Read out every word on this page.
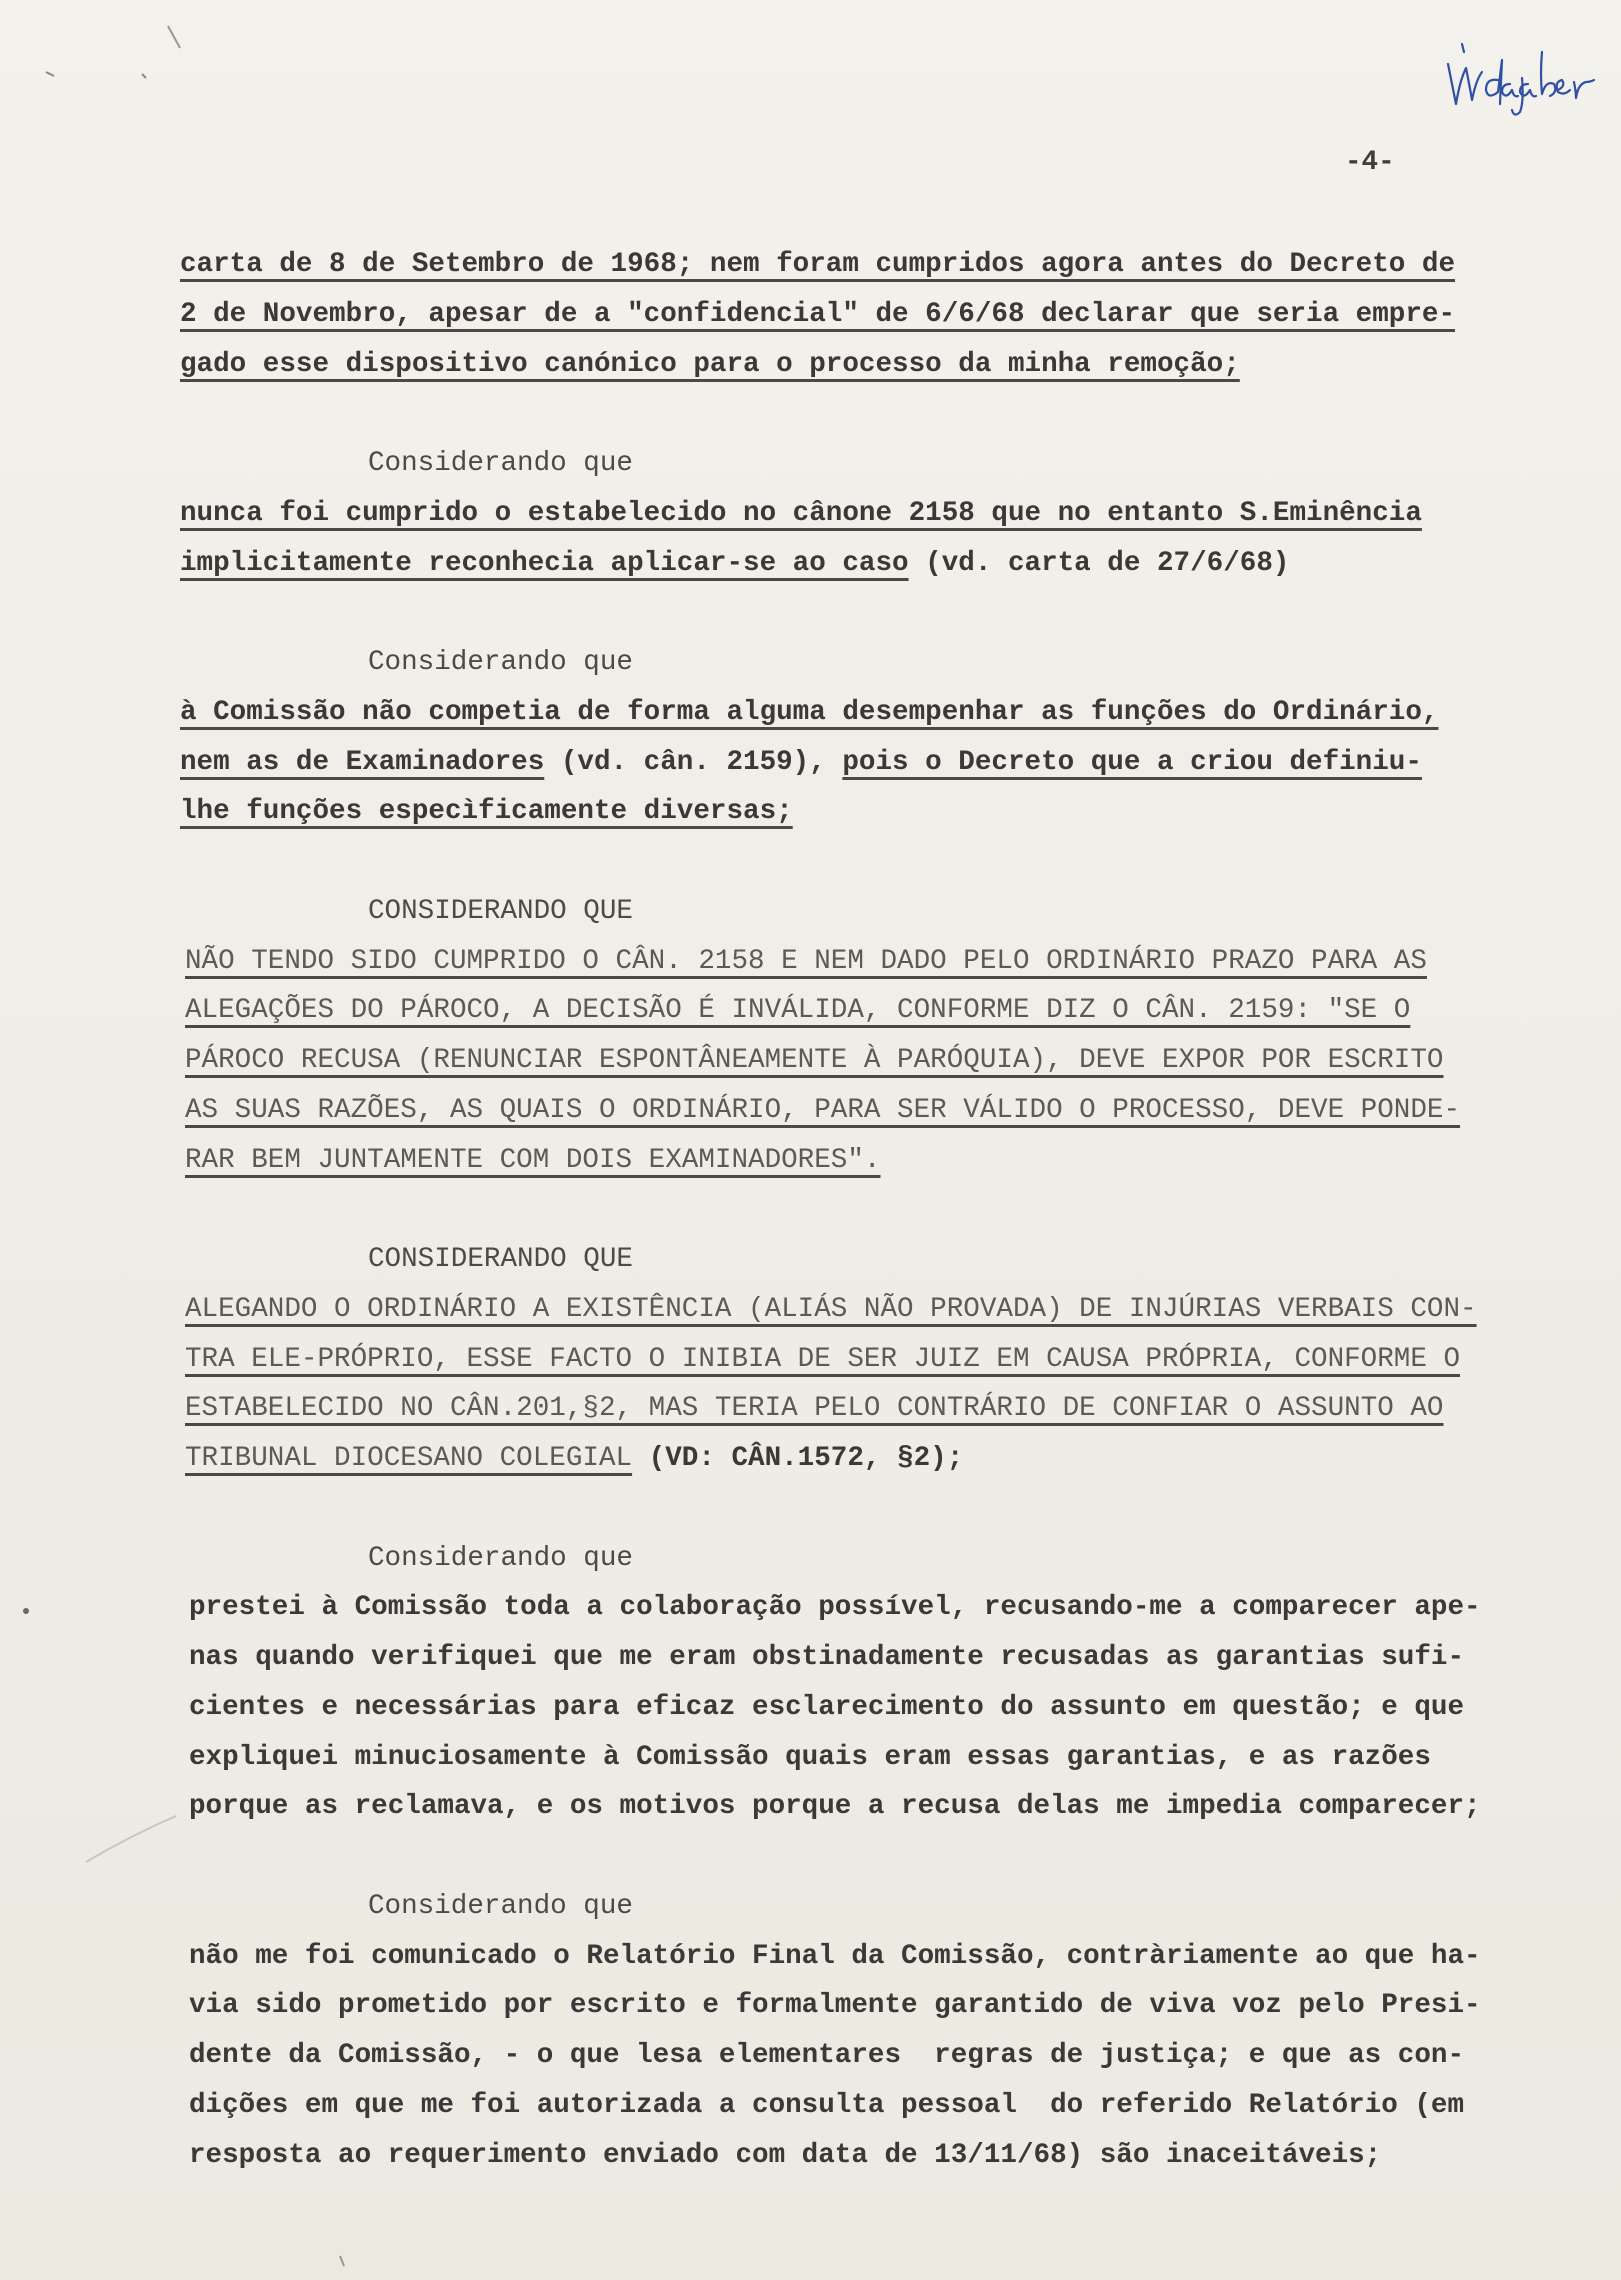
-4-
carta de 8 de Setembro de 1968; nem foram cumpridos agora antes do Decreto de
2 de Novembro, apesar de a "confidencial" de 6/6/68 declarar que seria empre-
gado esse dispositivo canónico para o processo da minha remoção;
Considerando que
nunca foi cumprido o estabelecido no cânone 2158 que no entanto S.Eminência
implicitamente reconhecia aplicar-se ao caso (vd. carta de 27/6/68)
Considerando que
à Comissão não competia de forma alguma desempenhar as funções do Ordinário,
nem as de Examinadores (vd. cân. 2159), pois o Decreto que a criou definiu-
lhe funções especìficamente diversas;
CONSIDERANDO QUE
NÃO TENDO SIDO CUMPRIDO O CÂN. 2158 E NEM DADO PELO ORDINÁRIO PRAZO PARA AS
ALEGAÇÕES DO PÁROCO, A DECISÃO É INVÁLIDA, CONFORME DIZ O CÂN. 2159: "SE O
PÁROCO RECUSA (RENUNCIAR ESPONTÂNEAMENTE À PARÓQUIA), DEVE EXPOR POR ESCRITO
AS SUAS RAZÕES, AS QUAIS O ORDINÁRIO, PARA SER VÁLIDO O PROCESSO, DEVE PONDE-
RAR BEM JUNTAMENTE COM DOIS EXAMINADORES".
CONSIDERANDO QUE
ALEGANDO O ORDINÁRIO A EXISTÊNCIA (ALIÁS NÃO PROVADA) DE INJÚRIAS VERBAIS CON-
TRA ELE-PRÓPRIO, ESSE FACTO O INIBIA DE SER JUIZ EM CAUSA PRÓPRIA, CONFORME O
ESTABELECIDO NO CÂN.201,§2, MAS TERIA PELO CONTRÁRIO DE CONFIAR O ASSUNTO AO
TRIBUNAL DIOCESANO COLEGIAL (VD: CÂN.1572, §2);
Considerando que
prestei à Comissão toda a colaboração possível, recusando-me a comparecer ape-
nas quando verifiquei que me eram obstinadamente recusadas as garantias sufi-
cientes e necessárias para eficaz esclarecimento do assunto em questão; e que
expliquei minuciosamente à Comissão quais eram essas garantias, e as razões
porque as reclamava, e os motivos porque a recusa delas me impedia comparecer;
Considerando que
não me foi comunicado o Relatório Final da Comissão, contràriamente ao que ha-
via sido prometido por escrito e formalmente garantido de viva voz pelo Presi-
dente da Comissão, - o que lesa elementares  regras de justiça; e que as con-
dições em que me foi autorizada a consulta pessoal  do referido Relatório (em
resposta ao requerimento enviado com data de 13/11/68) são inaceitáveis;
